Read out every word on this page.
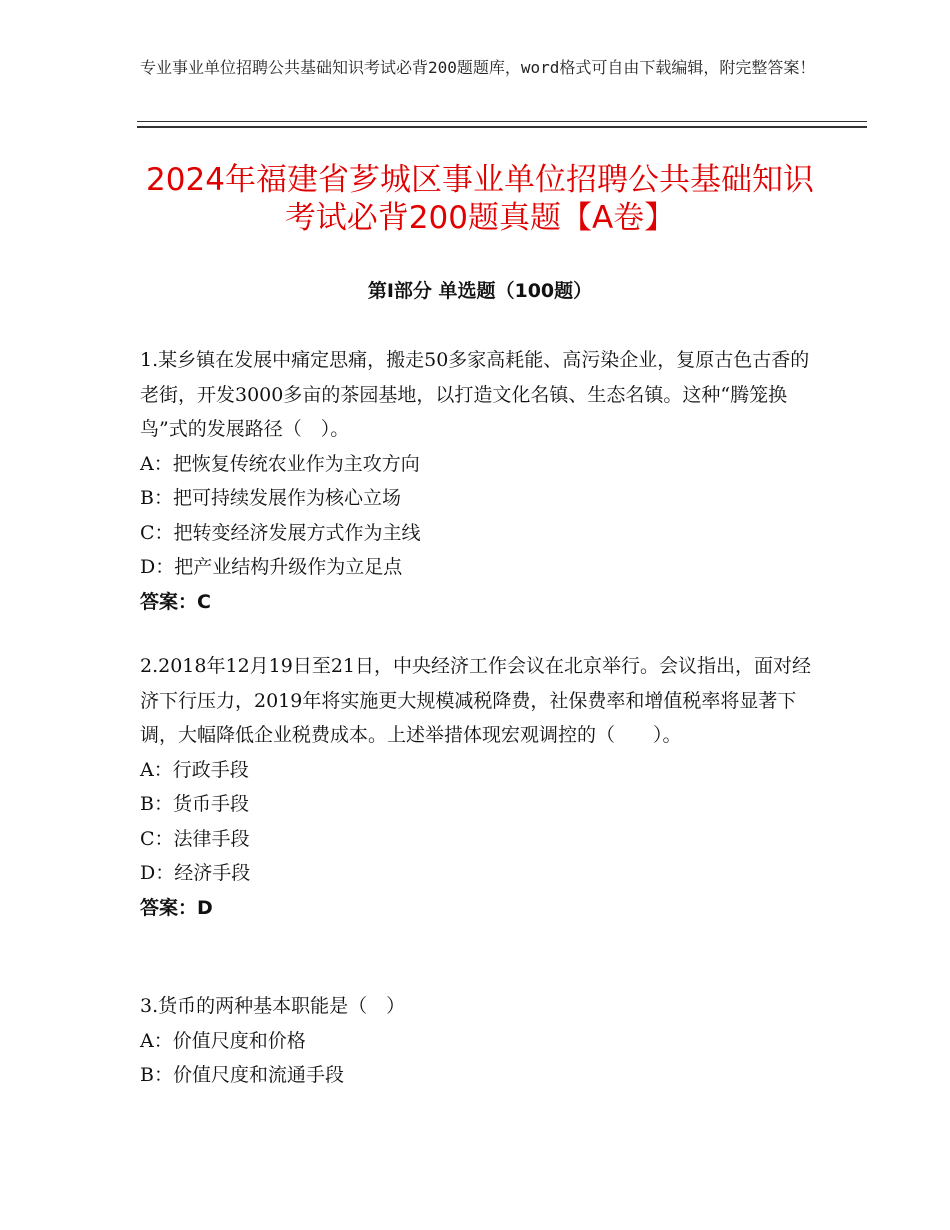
专业事业单位招聘公共基础知识考试必背200题题库，word格式可自由下载编辑，附完整答案！
2024年福建省芗城区事业单位招聘公共基础知识考试必背200题真题【A卷】
第Ⅰ部分 单选题（100题）

1.某乡镇在发展中痛定思痛，搬走50多家高耗能、高污染企业，复原古色古香的老街，开发3000多亩的茶园基地，以打造文化名镇、生态名镇。这种“腾笼换鸟”式的发展路径（　）。

A：把恢复传统农业作为主攻方向

B：把可持续发展作为核心立场

C：把转变经济发展方式作为主线

D：把产业结构升级作为立足点

答案：C

2.2018年12月19日至21日，中央经济工作会议在北京举行。会议指出，面对经济下行压力，2019年将实施更大规模减税降费，社保费率和增值税率将显著下调，大幅降低企业税费成本。上述举措体现宏观调控的（　　）。

A：行政手段

B：货币手段

C：法律手段

D：经济手段

答案：D

3.货币的两种基本职能是（　）

A：价值尺度和价格

B：价值尺度和流通手段
